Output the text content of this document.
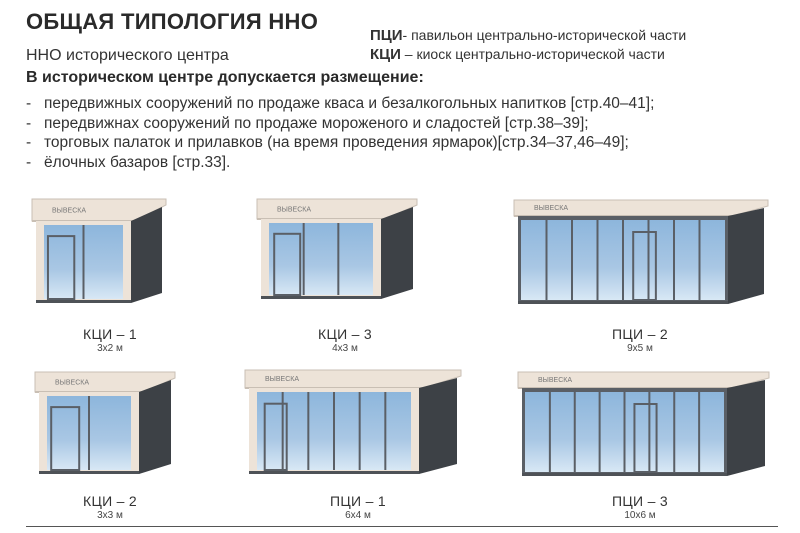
ОБЩАЯ ТИПОЛОГИЯ ННО
ННО исторического центра
ПЦИ- павильон центрально-исторической части
КЦИ – киоск центрально-исторической части
В историческом центре допускается размещение:
- передвижных сооружений по продаже кваса и безалкогольных напитков [стр.40–41];
- передвижнах сооружений по продаже мороженого и сладостей [стр.38–39];
- торговых палаток и прилавков (на время проведения ярмарок)[стр.34–37,46–49];
- ёлочных базаров [стр.33].
ВЫВЕСКА	ВЫВЕСКА	ВЫВЕСКА
ВЫВЕСКА	ВЫВЕСКА	ВЫВЕСКА
КЦИ – 1
3х2 м
КЦИ – 3
4х3 м
ПЦИ – 2
9х5 м
КЦИ – 2
3х3 м
ПЦИ – 1
6х4 м
ПЦИ – 3
10х6 м
